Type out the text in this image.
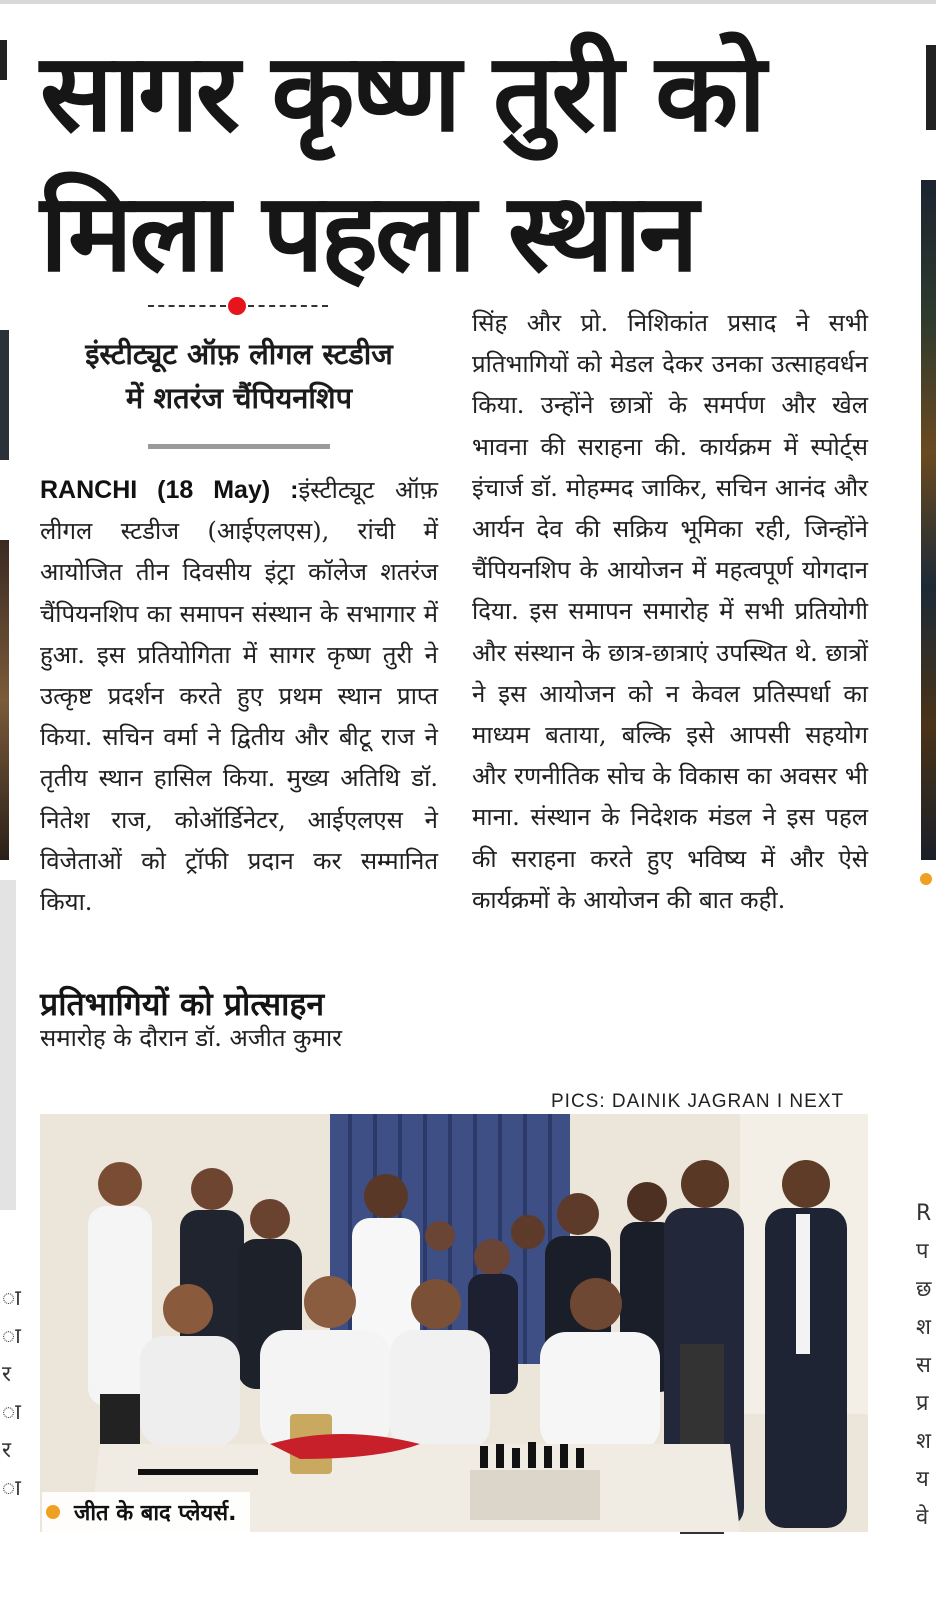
ा
ा
र
ा
र
ा
R
प
छ
श
स
प्र
श
य
वे
सागर कृष्ण तुरी को
मिला पहला स्थान
इंस्टीट्यूट ऑफ़ लीगल स्टडीज
में शतरंज चैंपियनशिप

RANCHI (18 May) :इंस्टीट्यूट ऑफ़ लीगल स्टडीज (आईएलएस), रांची में आयोजित तीन दिवसीय इंट्रा कॉलेज शतरंज चैंपियनशिप का समापन संस्थान के सभागार में हुआ. इस प्रतियोगिता में सागर कृष्ण तुरी ने उत्कृष्ट प्रदर्शन करते हुए प्रथम स्थान प्राप्त किया. सचिन वर्मा ने द्वितीय और बीटू राज ने तृतीय स्थान हासिल किया. मुख्य अतिथि डॉ. नितेश राज, कोऑर्डिनेटर, आईएलएस ने विजेताओं को ट्रॉफी प्रदान कर सम्मानित किया.

प्रतिभागियों को प्रोत्साहन

समारोह के दौरान डॉ. अजीत कुमार

सिंह और प्रो. निशिकांत प्रसाद ने सभी प्रतिभागियों को मेडल देकर उनका उत्साहवर्धन किया. उन्होंने छात्रों के समर्पण और खेल भावना की सराहना की. कार्यक्रम में स्पोर्ट्स इंचार्ज डॉ. मोहम्मद जाकिर, सचिन आनंद और आर्यन देव की सक्रिय भूमिका रही, जिन्होंने चैंपियनशिप के आयोजन में महत्वपूर्ण योगदान दिया. इस समापन समारोह में सभी प्रतियोगी और संस्थान के छात्र-छात्राएं उपस्थित थे. छात्रों ने इस आयोजन को न केवल प्रतिस्पर्धा का माध्यम बताया, बल्कि इसे आपसी सहयोग और रणनीतिक सोच के विकास का अवसर भी माना. संस्थान के निदेशक मंडल ने इस पहल की सराहना करते हुए भविष्य में और ऐसे कार्यक्रमों के आयोजन की बात कही.

PICS: DAINIK JAGRAN I NEXT
जीत के बाद प्लेयर्स.
